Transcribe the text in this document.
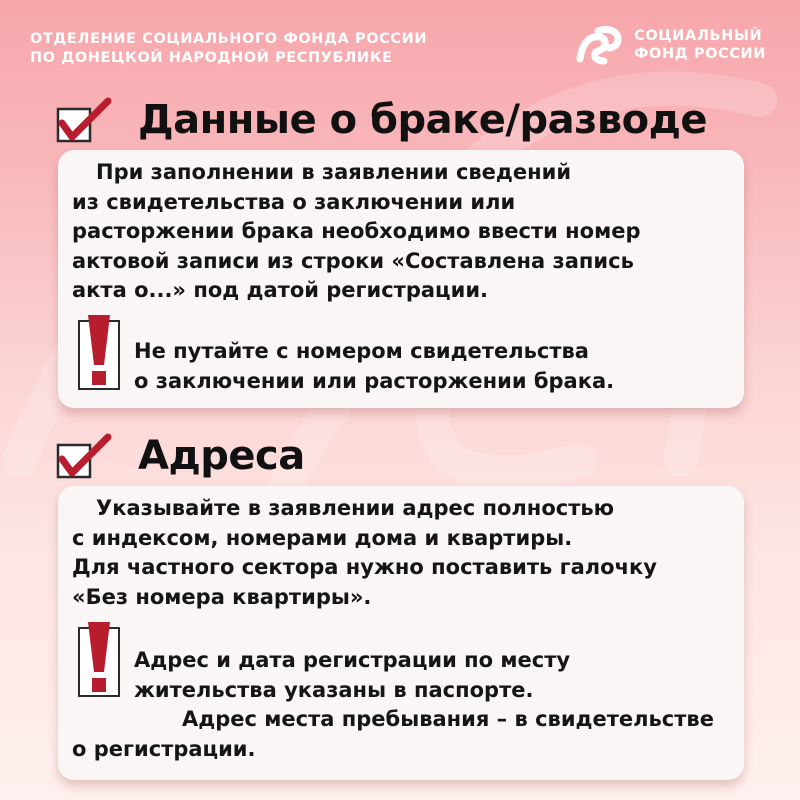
ОТДЕЛЕНИЕ СОЦИАЛЬНОГО ФОНДА РОССИИ
ПО ДОНЕЦКОЙ НАРОДНОЙ РЕСПУБЛИКЕ
СОЦИАЛЬНЫЙ
ФОНД РОССИИ
Данные о браке/разводе

При заполнении в заявлении сведений

из свидетельства о заключении или

расторжении брака необходимо ввести номер

актовой записи из строки «Составлена запись

акта о...» под датой регистрации.

Не путайте с номером свидетельства

о заключении или расторжении брака.

Адреса

Указывайте в заявлении адрес полностью

с индексом, номерами дома и квартиры.

Для частного сектора нужно поставить галочку

«Без номера квартиры».

Адрес и дата регистрации по месту

жительства указаны в паспорте.

Адрес места пребывания – в свидетельстве

о регистрации.
